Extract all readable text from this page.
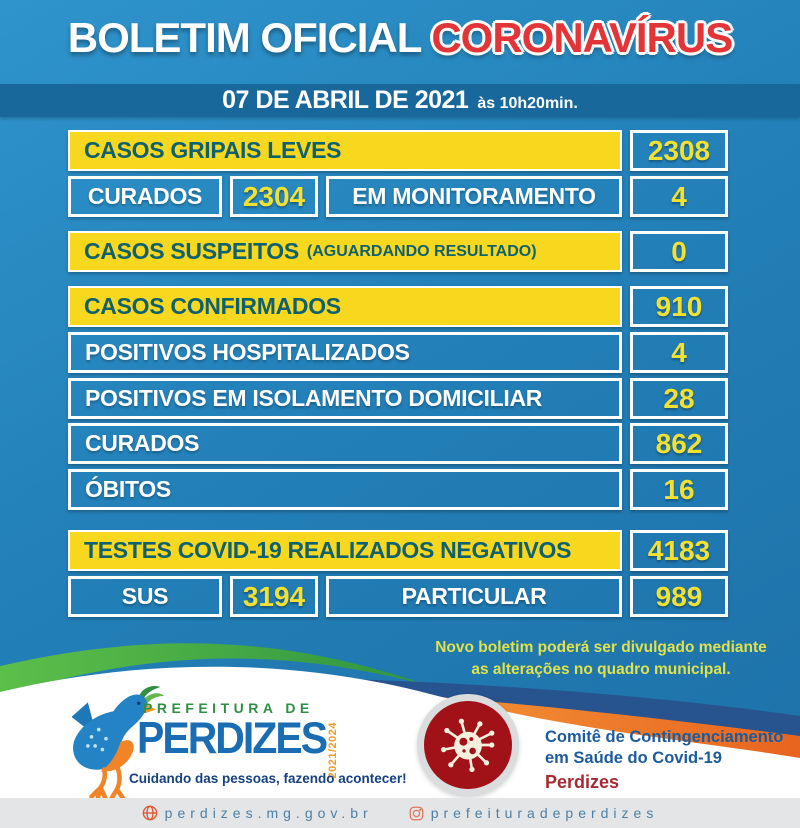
BOLETIM OFICIAL CORONAVÍRUS
07 DE ABRIL DE 2021 às 10h20min.
CASOS GRIPAIS LEVES	2308
CURADOS 2304 EM MONITORAMENTO	4
CASOS SUSPEITOS (AGUARDANDO RESULTADO)	0
CASOS CONFIRMADOS	910
POSITIVOS HOSPITALIZADOS	4
POSITIVOS EM ISOLAMENTO DOMICILIAR	28
CURADOS	862
ÓBITOS	16
TESTES COVID-19 REALIZADOS NEGATIVOS	4183
SUS	3194	PARTICULAR	989
Novo boletim poderá ser divulgado mediante
as alterações no quadro municipal.
PREFEITURA DE
PERDIZES 2021/2024
Cuidando das pessoas, fazendo acontecer!
Comitê de Contingenciamento
em Saúde do Covid-19
Perdizes
perdizes.mg.gov.br	prefeituradeperdizes
